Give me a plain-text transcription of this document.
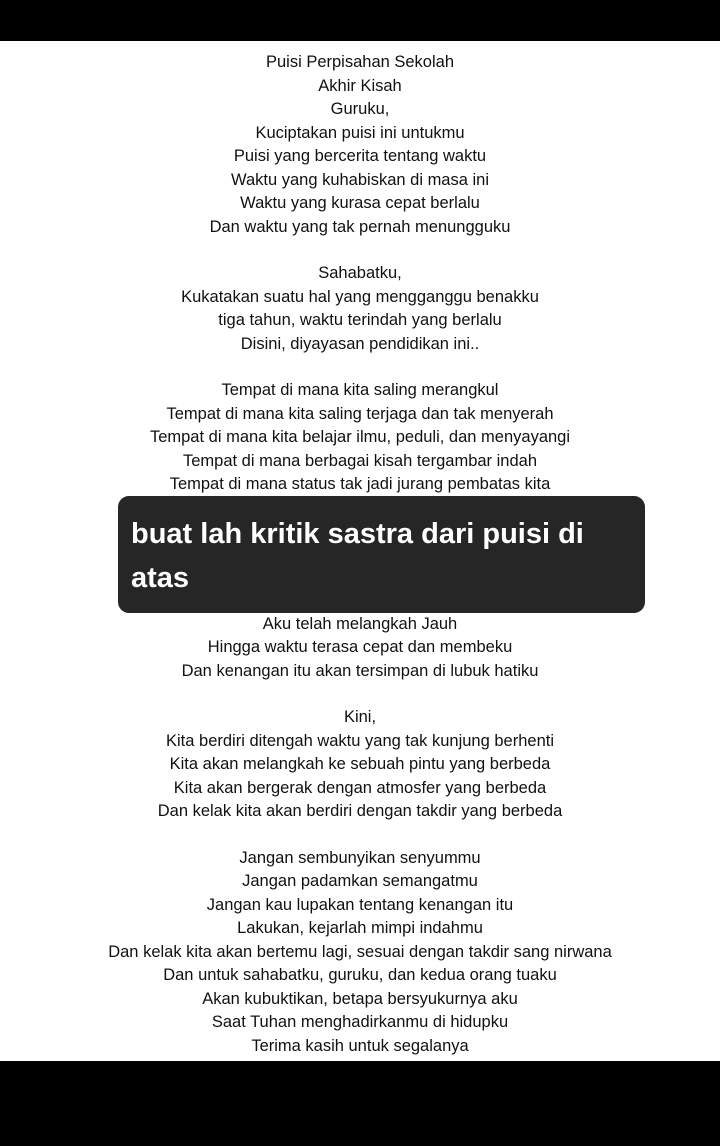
Puisi Perpisahan Sekolah
Akhir Kisah
Guruku,
Kuciptakan puisi ini untukmu
Puisi yang bercerita tentang waktu
Waktu yang kuhabiskan di masa ini
Waktu yang kurasa cepat berlalu
Dan waktu yang tak pernah menungguku
Sahabatku,
Kukatakan suatu hal yang mengganggu benakku
tiga tahun, waktu terindah yang berlalu
Disini, diyayasan pendidikan ini..
Tempat di mana kita saling merangkul
Tempat di mana kita saling terjaga dan tak menyerah
Tempat di mana kita belajar ilmu, peduli, dan menyayangi
Tempat di mana berbagai kisah tergambar indah
Tempat di mana status tak jadi jurang pembatas kita
Aku telah melangkah Jauh
Hingga waktu terasa cepat dan membeku
Dan kenangan itu akan tersimpan di lubuk hatiku
Kini,
Kita berdiri ditengah waktu yang tak kunjung berhenti
Kita akan melangkah ke sebuah pintu yang berbeda
Kita akan bergerak dengan atmosfer yang berbeda
Dan kelak kita akan berdiri dengan takdir yang berbeda
Jangan sembunyikan senyummu
Jangan padamkan semangatmu
Jangan kau lupakan tentang kenangan itu
Lakukan, kejarlah mimpi indahmu
Dan kelak kita akan bertemu lagi, sesuai dengan takdir sang nirwana
Dan untuk sahabatku, guruku, dan kedua orang tuaku
Akan kubuktikan, betapa bersyukurnya aku
Saat Tuhan menghadirkanmu di hidupku
Terima kasih untuk segalanya
buat lah kritik sastra dari puisi di atas
